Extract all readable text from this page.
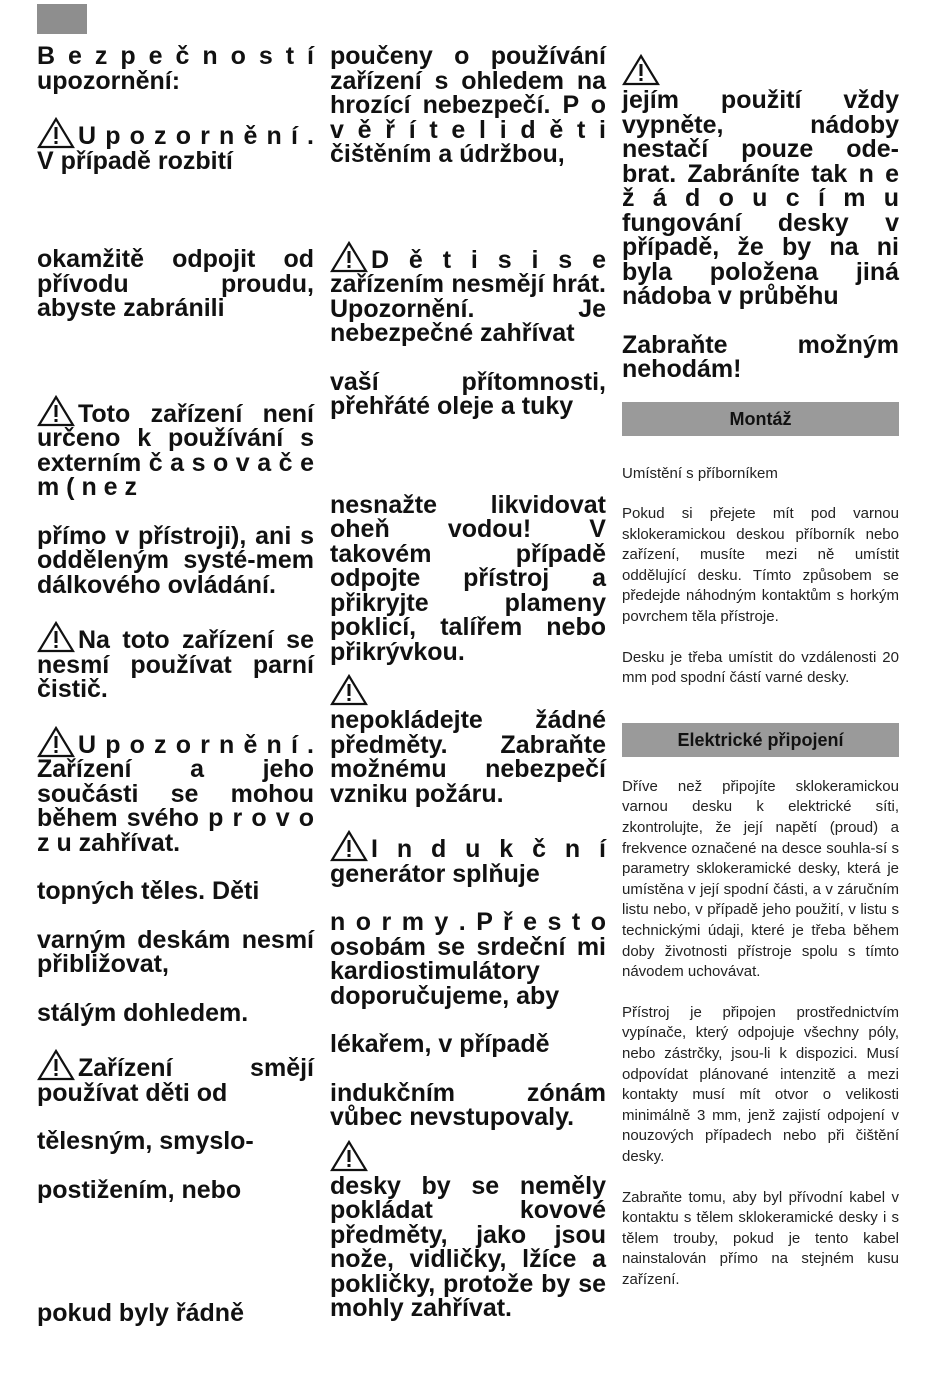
B e z p e č n o s t í upozornění:

U p o z o r n ě n í . V případě rozbití

okamžitě odpojit od přívodu proudu, abyste zabránili

Toto zařízení není určeno k používání s externím č a s o v a č e m ( n e z

přímo v přístroji), ani s odděleným systé-mem dálkového ovládání.

Na toto zařízení se nesmí používat parní čistič.

U p o z o r n ě n í . Zařízení a jeho součásti se mohou během svého p r o v o z u zahřívat.

topných těles. Děti

varným deskám nesmí přibližovat,

stálým dohledem.

Zařízení smějí používat děti od

tělesným, smyslo-

postižením, nebo

pokud byly řádně

poučeny o používání zařízení s ohledem na hrozící nebezpečí. P o v ě ř í t e l i d ě t i čištěním a údržbou,

D ě t i s i s e zařízením nesmějí hrát. Upozornění. Je nebezpečné zahřívat

vaší přítomnosti, přehřáté oleje a tuky

nesnažte likvidovat oheň vodou! V takovém případě odpojte přístroj a přikryjte plameny poklicí, talířem nebo přikrývkou.

nepokládejte žádné předměty. Zabraňte možnému nebezpečí vzniku požáru.

I n d u k č n í generátor splňuje

n o r m y . P ř e s t o osobám se srdeční mi kardiostimulátory doporučujeme, aby

lékařem, v případě

indukčním zónám vůbec nevstupovaly.

desky by se neměly pokládat kovové předměty, jako jsou nože, vidličky, lžíce a pokličky, protože by se mohly zahřívat.

jejím použití vždy vypněte, nádoby nestačí pouze ode-brat. Zabráníte tak n e ž á d o u c í m u fungování desky v případě, že by na ni byla položena jiná nádoba v průběhu

Zabraňte možným nehodám!

Montáž

Umístění s příborníkem

Pokud si přejete mít pod varnou sklokeramickou deskou příborník nebo zařízení, musíte mezi ně umístit oddělující desku. Tímto způsobem se předejde náhodným kontaktům s horkým povrchem těla přístroje.

Desku je třeba umístit do vzdálenosti 20 mm pod spodní částí varné desky.

Elektrické připojení

Dříve než připojíte sklokeramickou varnou desku k elektrické síti, zkontrolujte, že její napětí (proud) a frekvence označené na desce souhla-sí s parametry sklokeramické desky, která je umístěna v její spodní části, a v záručním listu nebo, v případě jeho použití, v listu s technickými údaji, které je třeba během doby životnosti přístroje spolu s tímto návodem uchovávat.

Přístroj je připojen prostřednictvím vypínače, který odpojuje všechny póly, nebo zástrčky, jsou-li k dispozici. Musí odpovídat plánované intenzitě a mezi kontakty musí mít otvor o velikosti minimálně 3 mm, jenž zajistí odpojení v nouzových případech nebo při čištění desky.

Zabraňte tomu, aby byl přívodní kabel v kontaktu s tělem sklokeramické desky i s tělem trouby, pokud je tento kabel nainstalován přímo na stejném kusu zařízení.
